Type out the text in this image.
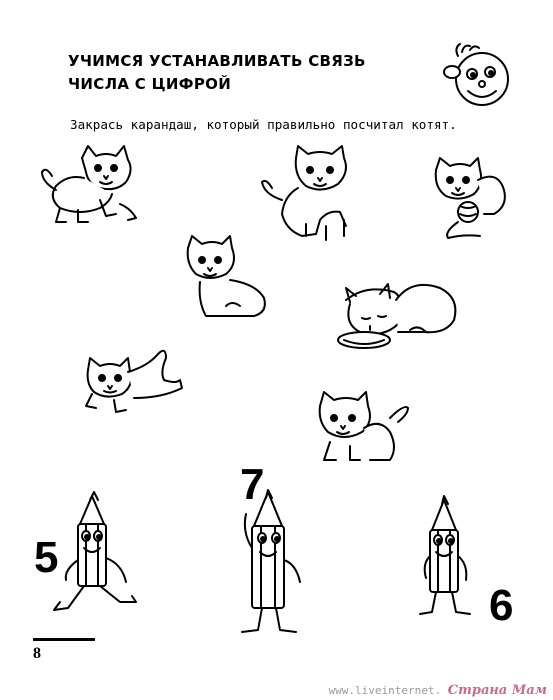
УЧИМСЯ УСТАНАВЛИВАТЬ СВЯЗЬ
ЧИСЛА С ЦИФРОЙ
Закрась карандаш, который правильно посчитал котят.
5
7
6
8
www.liveinternet. Страна Мам
